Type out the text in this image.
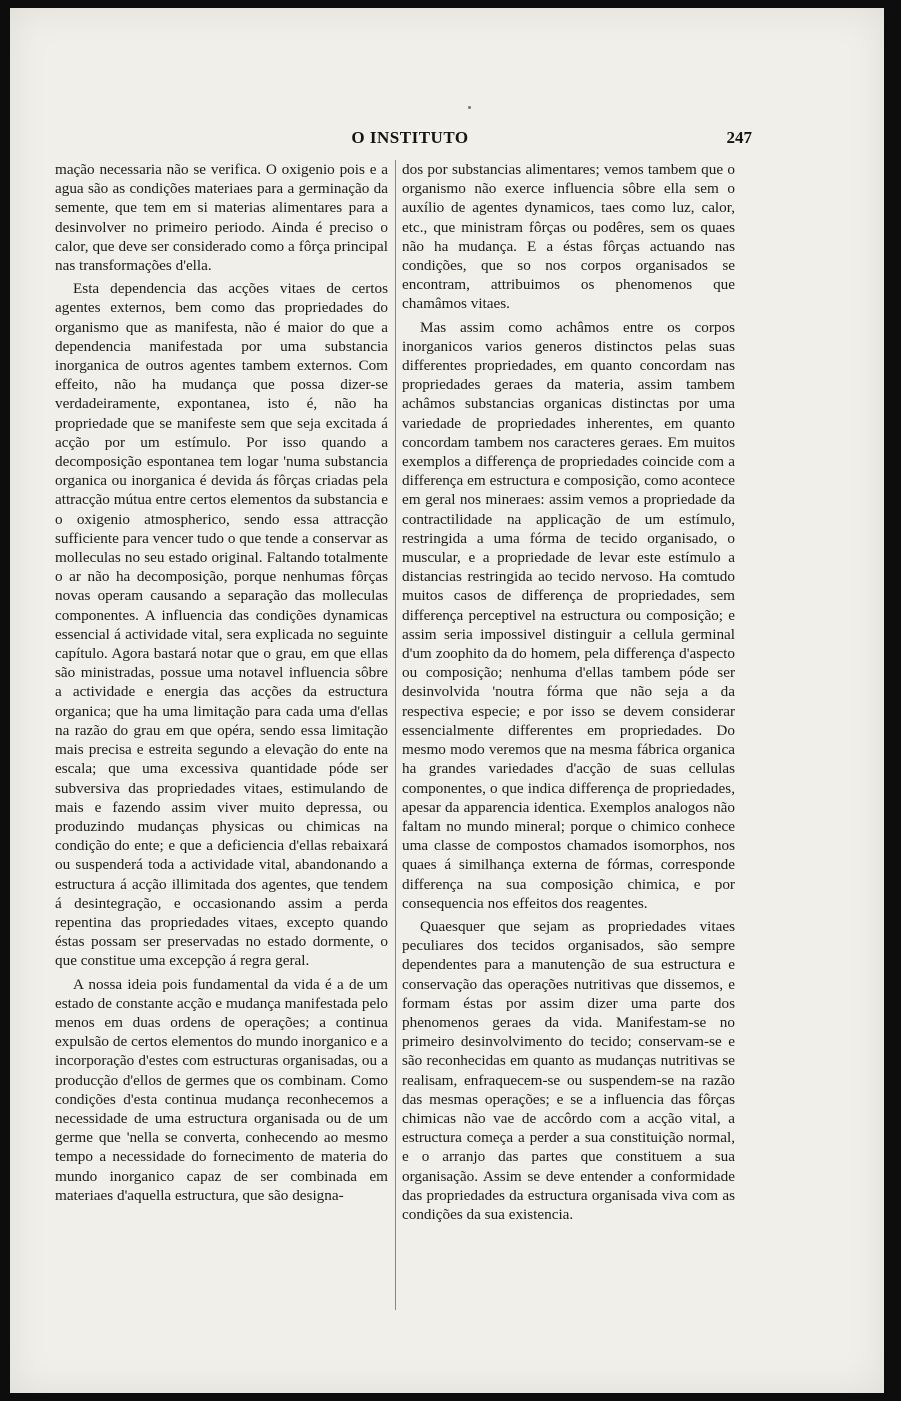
O INSTITUTO	247

mação necessaria não se verifica. O oxigenio pois e a agua são as condições materiaes para a germinação da semente, que tem em si materias alimentares para a desinvolver no primeiro periodo. Ainda é preciso o calor, que deve ser considerado como a fôrça principal nas transformações d'ella.

Esta dependencia das acções vitaes de certos agentes externos, bem como das propriedades do organismo que as manifesta, não é maior do que a dependencia manifestada por uma substancia inorganica de outros agentes tambem externos. Com effeito, não ha mudança que possa dizer-se verdadeiramente, expontanea, isto é, não ha propriedade que se manifeste sem que seja excitada á acção por um estímulo. Por isso quando a decomposição espontanea tem logar 'numa substancia organica ou inorganica é devida ás fôrças criadas pela attracção mútua entre certos elementos da substancia e o oxigenio atmospherico, sendo essa attracção sufficiente para vencer tudo o que tende a conservar as molleculas no seu estado original. Faltando totalmente o ar não ha decomposição, porque nenhumas fôrças novas operam causando a separação das molleculas componentes. A influencia das condições dynamicas essencial á actividade vital, sera explicada no seguinte capítulo. Agora bastará notar que o grau, em que ellas são ministradas, possue uma notavel influencia sôbre a actividade e energia das acções da estructura organica; que ha uma limitação para cada uma d'ellas na razão do grau em que opéra, sendo essa limitação mais precisa e estreita segundo a elevação do ente na escala; que uma excessiva quantidade póde ser subversiva das propriedades vitaes, estimulando de mais e fazendo assim viver muito depressa, ou produzindo mudanças physicas ou chimicas na condição do ente; e que a deficiencia d'ellas rebaixará ou suspenderá toda a actividade vital, abandonando a estructura á acção illimitada dos agentes, que tendem á desintegração, e occasionando assim a perda repentina das propriedades vitaes, excepto quando éstas possam ser preservadas no estado dormente, o que constitue uma excepção á regra geral.

A nossa ideia pois fundamental da vida é a de um estado de constante acção e mudança manifestada pelo menos em duas ordens de operações; a continua expulsão de certos elementos do mundo inorganico e a incorporação d'estes com estructuras organisadas, ou a producção d'ellos de germes que os combinam. Como condições d'esta continua mudança reconhecemos a necessidade de uma estructura organisada ou de um germe que 'nella se converta, conhecendo ao mesmo tempo a necessidade do fornecimento de materia do mundo inorganico capaz de ser combinada em materiaes d'aquella estructura, que são designa-

dos por substancias alimentares; vemos tambem que o organismo não exerce influencia sôbre ella sem o auxílio de agentes dynamicos, taes como luz, calor, etc., que ministram fôrças ou podêres, sem os quaes não ha mudança. E a éstas fôrças actuando nas condições, que so nos corpos organisados se encontram, attribuimos os phenomenos que chamâmos vitaes.

Mas assim como achâmos entre os corpos inorganicos varios generos distinctos pelas suas differentes propriedades, em quanto concordam nas propriedades geraes da materia, assim tambem achâmos substancias organicas distinctas por uma variedade de propriedades inherentes, em quanto concordam tambem nos caracteres geraes. Em muitos exemplos a differença de propriedades coincide com a differença em estructura e composição, como acontece em geral nos mineraes: assim vemos a propriedade da contractilidade na applicação de um estímulo, restringida a uma fórma de tecido organisado, o muscular, e a propriedade de levar este estímulo a distancias restringida ao tecido nervoso. Ha comtudo muitos casos de differença de propriedades, sem differença perceptivel na estructura ou composição; e assim seria impossivel distinguir a cellula germinal d'um zoophito da do homem, pela differença d'aspecto ou composição; nenhuma d'ellas tambem póde ser desinvolvida 'noutra fórma que não seja a da respectiva especie; e por isso se devem considerar essencialmente differentes em propriedades. Do mesmo modo veremos que na mesma fábrica organica ha grandes variedades d'acção de suas cellulas componentes, o que indica differença de propriedades, apesar da apparencia identica. Exemplos analogos não faltam no mundo mineral; porque o chimico conhece uma classe de compostos chamados isomorphos, nos quaes á similhança externa de fórmas, corresponde differença na sua composição chimica, e por consequencia nos effeitos dos reagentes.

Quaesquer que sejam as propriedades vitaes peculiares dos tecidos organisados, são sempre dependentes para a manutenção de sua estructura e conservação das operações nutritivas que dissemos, e formam éstas por assim dizer uma parte dos phenomenos geraes da vida. Manifestam-se no primeiro desinvolvimento do tecido; conservam-se e são reconhecidas em quanto as mudanças nutritivas se realisam, enfraquecem-se ou suspendem-se na razão das mesmas operações; e se a influencia das fôrças chimicas não vae de accôrdo com a acção vital, a estructura começa a perder a sua constituição normal, e o arranjo das partes que constituem a sua organisação. Assim se deve entender a conformidade das propriedades da estructura organisada viva com as condições da sua existencia.
